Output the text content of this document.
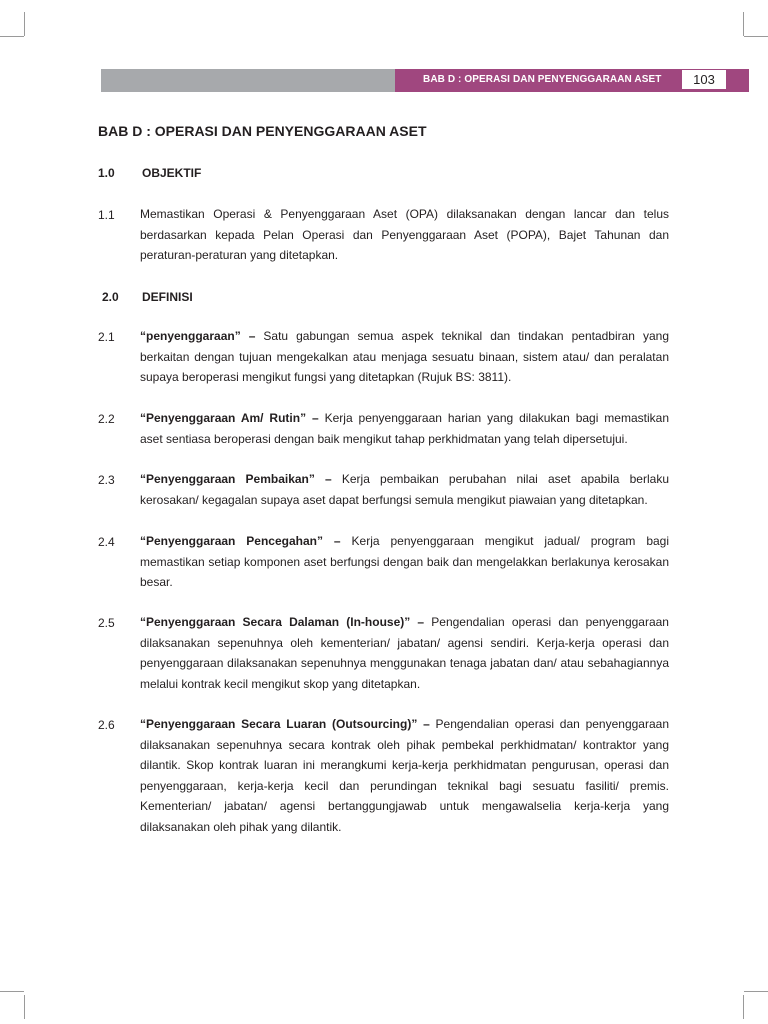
BAB D : OPERASI DAN PENYENGGARAAN ASET	103
BAB D : OPERASI DAN PENYENGGARAAN ASET
1.0 OBJEKTIF
1.1 Memastikan Operasi & Penyenggaraan Aset (OPA) dilaksanakan dengan lancar dan telus berdasarkan kepada Pelan Operasi dan Penyenggaraan Aset (POPA), Bajet Tahunan dan peraturan-peraturan yang ditetapkan.

2.0 DEFINISI
2.1 “penyenggaraan” – Satu gabungan semua aspek teknikal dan tindakan pentadbiran yang berkaitan dengan tujuan mengekalkan atau menjaga sesuatu binaan, sistem atau/ dan peralatan supaya beroperasi mengikut fungsi yang ditetapkan (Rujuk BS: 3811).

2.2 “Penyenggaraan Am/ Rutin” – Kerja penyenggaraan harian yang dilakukan bagi memastikan aset sentiasa beroperasi dengan baik mengikut tahap perkhidmatan yang telah dipersetujui.

2.3 “Penyenggaraan Pembaikan” – Kerja pembaikan perubahan nilai aset apabila berlaku kerosakan/ kegagalan supaya aset dapat berfungsi semula mengikut piawaian yang ditetapkan.

2.4 “Penyenggaraan Pencegahan” – Kerja penyenggaraan mengikut jadual/ program bagi memastikan setiap komponen aset berfungsi dengan baik dan mengelakkan berlakunya kerosakan besar.

2.5 “Penyenggaraan Secara Dalaman (In-house)” – Pengendalian operasi dan penyenggaraan dilaksanakan sepenuhnya oleh kementerian/ jabatan/ agensi sendiri. Kerja-kerja operasi dan penyenggaraan dilaksanakan sepenuhnya menggunakan tenaga jabatan dan/ atau sebahagiannya melalui kontrak kecil mengikut skop yang ditetapkan.

2.6 “Penyenggaraan Secara Luaran (Outsourcing)” – Pengendalian operasi dan penyenggaraan dilaksanakan sepenuhnya secara kontrak oleh pihak pembekal perkhidmatan/ kontraktor yang dilantik. Skop kontrak luaran ini merangkumi kerja-kerja perkhidmatan pengurusan, operasi dan penyenggaraan, kerja-kerja kecil dan perundingan teknikal bagi sesuatu fasiliti/ premis. Kementerian/ jabatan/ agensi bertanggungjawab untuk mengawalselia kerja-kerja yang dilaksanakan oleh pihak yang dilantik.
